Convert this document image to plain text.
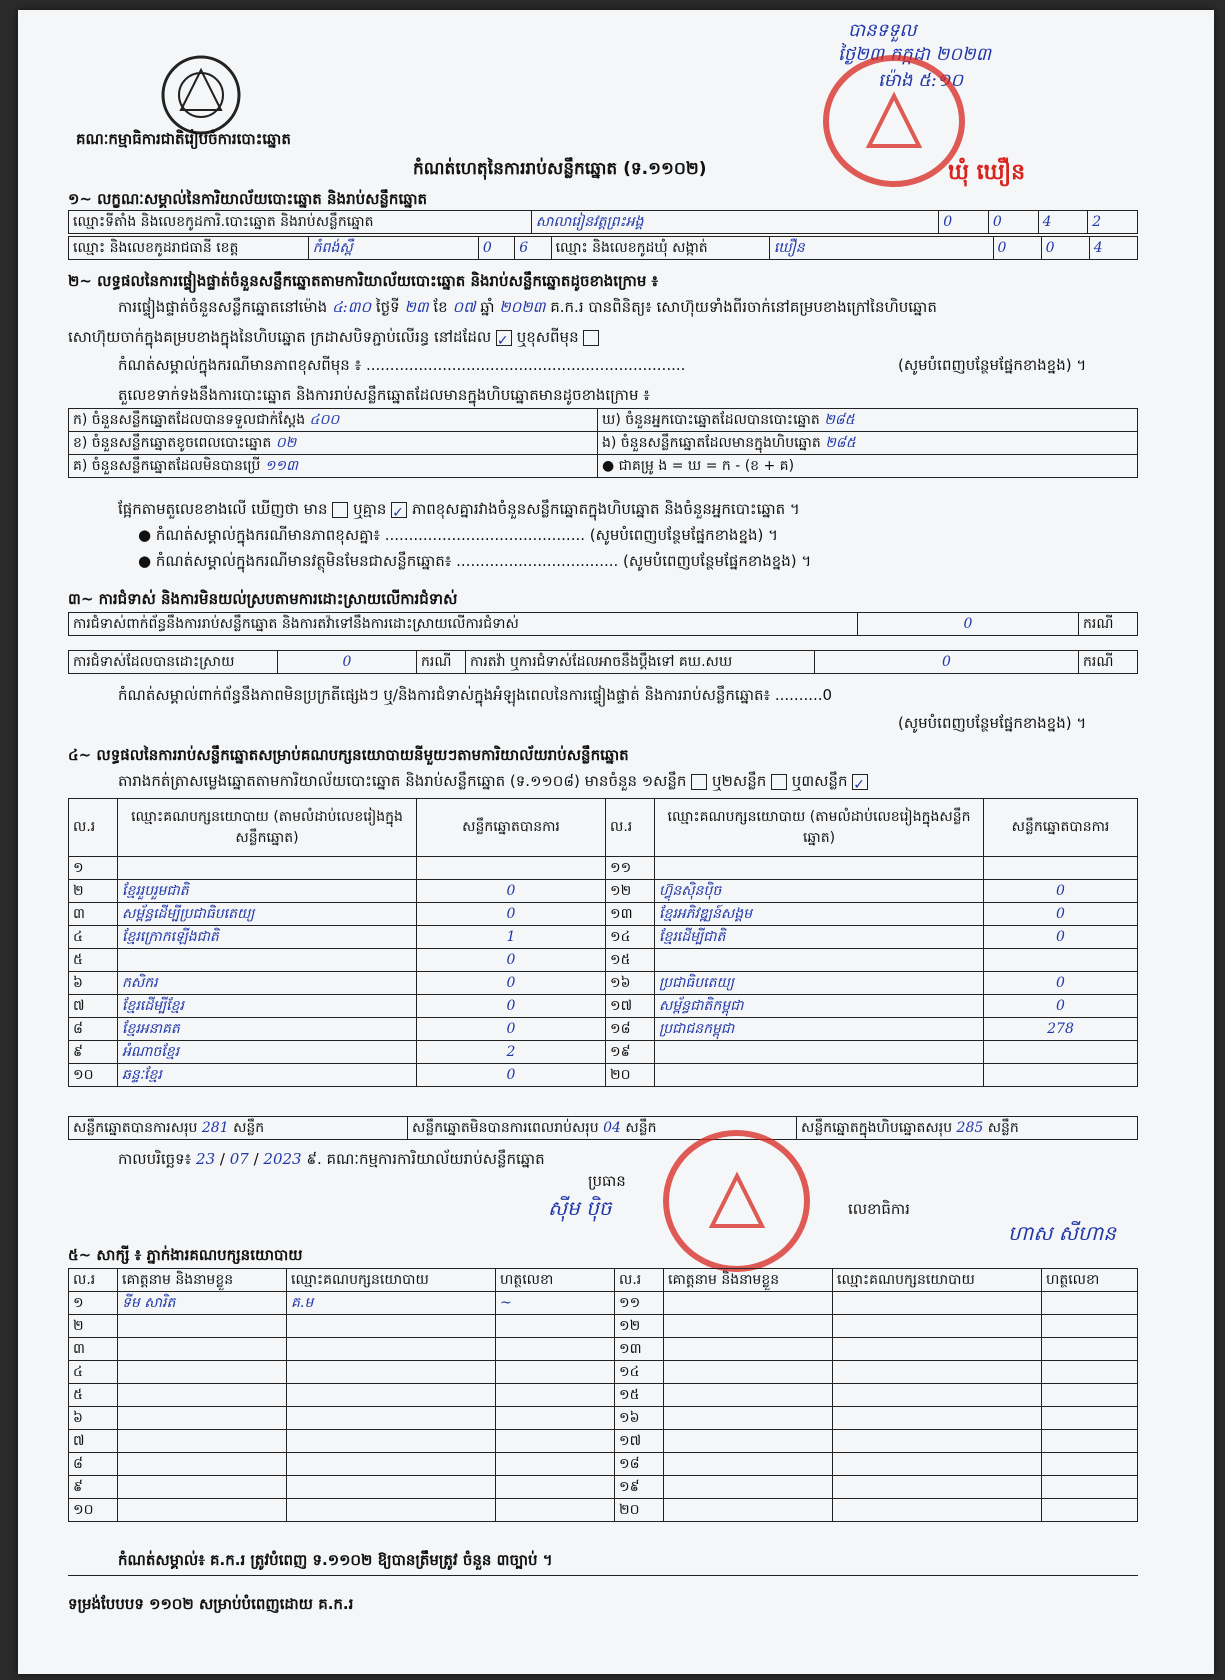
គណៈកម្មាធិការជាតិរៀបចំការបោះឆ្នោត
បានទទួល
ថ្ងៃ២៣ កក្កដា ២០២៣
ម៉ោង ៥:១០
ឃុំ ឃឿន
កំណត់ហេតុនៃការរាប់សន្លឹកឆ្នោត (ទ.១១០២)
១~ លក្ខណៈសម្គាល់នៃការិយាល័យបោះឆ្នោត និងរាប់សន្លឹកឆ្នោត
ឈ្មោះទីតាំង និងលេខកូដការិ.បោះឆ្នោត និងរាប់សន្លឹកឆ្នោត	សាលារៀនវត្តព្រះអង្គ	0	0	4	2
ឈ្មោះ និងលេខកូដរាជធានី ខេត្ត	កំពង់ស្ពឺ	0	6	ឈ្មោះ និងលេខកូដឃុំ សង្កាត់	ឃឿន	0	0	4
២~ លទ្ធផលនៃការផ្ទៀងផ្ទាត់ចំនួនសន្លឹកឆ្នោតតាមការិយាល័យបោះឆ្នោត និងរាប់សន្លឹកឆ្នោតដូចខាងក្រោម ៖
ការផ្ទៀងផ្ទាត់ចំនួនសន្លឹកឆ្នោតនៅម៉ោង ៤:៣០ ថ្ងៃទី ២៣ ខែ ០៧ ឆ្នាំ ២០២៣ គ.ក.រ បានពិនិត្យ៖ សោហ៊ុយទាំងពីរចាក់នៅគម្របខាងក្រៅនៃហិបឆ្នោត
សោហ៊ុយចាក់ក្នុងគម្របខាងក្នុងនៃហិបឆ្នោត ក្រដាសបិទភ្ជាប់លើរន្ធ នៅដដែល ✓ ឬខុសពីមុន
កំណត់សម្គាល់ក្នុងករណីមានភាពខុសពីមុន ៖ ...................................................................	(សូមបំពេញបន្ថែមផ្នែកខាងខ្នង) ។
តួលេខទាក់ទងនឹងការបោះឆ្នោត និងការរាប់សន្លឹកឆ្នោតដែលមានក្នុងហិបឆ្នោតមានដូចខាងក្រោម ៖
ក) ចំនួនសន្លឹកឆ្នោតដែលបានទទួលជាក់ស្តែង ៤០០	ឃ) ចំនួនអ្នកបោះឆ្នោតដែលបានបោះឆ្នោត ២៨៥
ខ) ចំនួនសន្លឹកឆ្នោតខូចពេលបោះឆ្នោត ០២	ង) ចំនួនសន្លឹកឆ្នោតដែលមានក្នុងហិបឆ្នោត ២៨៥
គ) ចំនួនសន្លឹកឆ្នោតដែលមិនបានប្រើ ១១៣	● ជាគម្រូ ង = ឃ = ក - (ខ + គ)
ផ្អែកតាមតួលេខខាងលើ ឃើញថា មាន ឬគ្មាន ✓ ភាពខុសគ្នារវាងចំនួនសន្លឹកឆ្នោតក្នុងហិបឆ្នោត និងចំនួនអ្នកបោះឆ្នោត ។
● កំណត់សម្គាល់ក្នុងករណីមានភាពខុសគ្នា៖ .......................................... (សូមបំពេញបន្ថែមផ្នែកខាងខ្នង) ។
● កំណត់សម្គាល់ក្នុងករណីមានវត្ថុមិនមែនជាសន្លឹកឆ្នោត៖ .................................. (សូមបំពេញបន្ថែមផ្នែកខាងខ្នង) ។
៣~ ការជំទាស់ និងការមិនយល់ស្របតាមការដោះស្រាយលើការជំទាស់
ការជំទាស់ពាក់ព័ន្ធនឹងការរាប់សន្លឹកឆ្នោត និងការតវ៉ាទៅនឹងការដោះស្រាយលើការជំទាស់	0	ករណី
ការជំទាស់ដែលបានដោះស្រាយ	0	ករណី	ការតវ៉ា ឬការជំទាស់ដែលអាចនឹងប្តឹងទៅ គឃ.សឃ	0	ករណី
កំណត់សម្គាល់ពាក់ព័ន្ធនឹងភាពមិនប្រក្រតីផ្សេងៗ ឬ/និងការជំទាស់ក្នុងអំឡុងពេលនៃការផ្ទៀងផ្ទាត់ និងការរាប់សន្លឹកឆ្នោត៖ ..........0
(សូមបំពេញបន្ថែមផ្នែកខាងខ្នង) ។
៤~ លទ្ធផលនៃការរាប់សន្លឹកឆ្នោតសម្រាប់គណបក្សនយោបាយនីមួយៗតាមការិយាល័យរាប់សន្លឹកឆ្នោត
តារាងកត់ត្រាសម្លេងឆ្នោតតាមការិយាល័យបោះឆ្នោត និងរាប់សន្លឹកឆ្នោត (ទ.១១០៨) មានចំនួន ១សន្លឹក ឬ២សន្លឹក ឬ៣សន្លឹក ✓
ល.រ	ឈ្មោះគណបក្សនយោបាយ (តាមលំដាប់លេខរៀងក្នុងសន្លឹកឆ្នោត)	សន្លឹកឆ្នោតបានការ	ល.រ	ឈ្មោះគណបក្សនយោបាយ (តាមលំដាប់លេខរៀងក្នុងសន្លឹកឆ្នោត)	សន្លឹកឆ្នោតបានការ
១			១១		
២	ខ្មែររួបរួមជាតិ	0	១២	ហ៊្វុនស៊ិនប៉ិច	0
៣	សម្ព័ន្ធដើម្បីប្រជាធិបតេយ្យ	0	១៣	ខ្មែរអភិវឌ្ឍន៍សង្គម	0
៤	ខ្មែរក្រោកឡើងជាតិ	1	១៤	ខ្មែរដើម្បីជាតិ	0
៥		0	១៥		
៦	កសិករ	0	១៦	ប្រជាធិបតេយ្យ	0
៧	ខ្មែរដើម្បីខ្មែរ	0	១៧	សម្ព័ន្ធជាតិកម្ពុជា	0
៨	ខ្មែរអនាគត	0	១៨	ប្រជាជនកម្ពុជា	278
៩	អំណាចខ្មែរ	2	១៩		
១០	ឆន្ទៈខ្មែរ	0	២០		
សន្លឹកឆ្នោតបានការសរុប 281 សន្លឹក	សន្លឹកឆ្នោតមិនបានការពេលរាប់សរុប 04 សន្លឹក	សន្លឹកឆ្នោតក្នុងហិបឆ្នោតសរុប 285 សន្លឹក
កាលបរិច្ឆេទ៖ 23 / 07 / 2023 ៩. គណៈកម្មការការិយាល័យរាប់សន្លឹកឆ្នោត
ប្រធាន
ស៊ីម ប៉ិច	លេខាធិការ
ហាស សីហាន
៥~ សាក្សី ៖ ភ្នាក់ងារគណបក្សនយោបាយ
ល.រ	គោត្តនាម និងនាមខ្លួន	ឈ្មោះគណបក្សនយោបាយ	ហត្ថលេខា	ល.រ	គោត្តនាម និងនាមខ្លួន	ឈ្មោះគណបក្សនយោបាយ	ហត្ថលេខា
១	ទីម សារិត	គ.ម	~	១១			
២				១២			
៣				១៣			
៤				១៤			
៥				១៥			
៦				១៦			
៧				១៧			
៨				១៨			
៩				១៩			
១០				២០			
កំណត់សម្គាល់៖ គ.ក.រ ត្រូវបំពេញ ទ.១១០២ ឱ្យបានត្រឹមត្រូវ ចំនួន ៣ច្បាប់ ។
ទម្រង់បែបបទ ១១០២ សម្រាប់បំពេញដោយ គ.ក.រ
